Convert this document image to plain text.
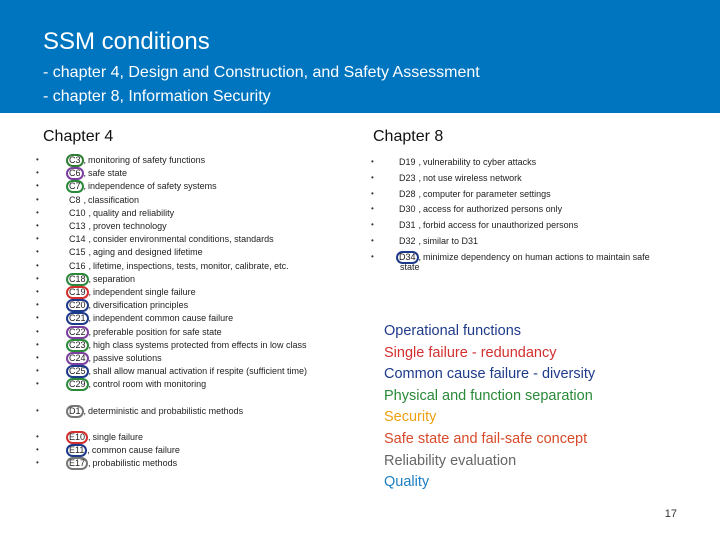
SSM conditions
- chapter 4, Design and Construction, and Safety Assessment
- chapter 8, Information Security
Chapter 4	Chapter 8
•	C3 , monitoring of safety functions
•	C6 , safe state
•	C7 , independence of safety systems
•	C8 , classification
•	C10 , quality and reliability
•	C13 , proven technology
•	C14 , consider environmental conditions, standards
•	C15 , aging and designed lifetime
•	C16 , lifetime, inspections, tests, monitor, calibrate, etc.
•	C18 , separation
•	C19 , independent single failure
•	C20 , diversification principles
•	C21 , independent common cause failure
•	C22 , preferable position for safe state
•	C23 , high class systems protected from effects in low class
•	C24 , passive solutions
•	C25 , shall allow manual activation if respite (sufficient time)
•	C29 , control room with monitoring
•	D1 , deterministic and probabilistic methods
•	E10 , single failure
•	E11 , common cause failure
•	E17 , probabilistic methods
•	D19 , vulnerability to cyber attacks
•	D23 , not use wireless network
•	D28 , computer for parameter settings
•	D30 , access for authorized persons only
•	D31 , forbid access for unauthorized persons
•	D32 , similar to D31
•	D34 , minimize dependency on human actions to maintain safe
state
Operational functions
Single failure - redundancy
Common cause failure - diversity
Physical and function separation
Security
Safe state and fail-safe concept
Reliability evaluation
Quality
17
